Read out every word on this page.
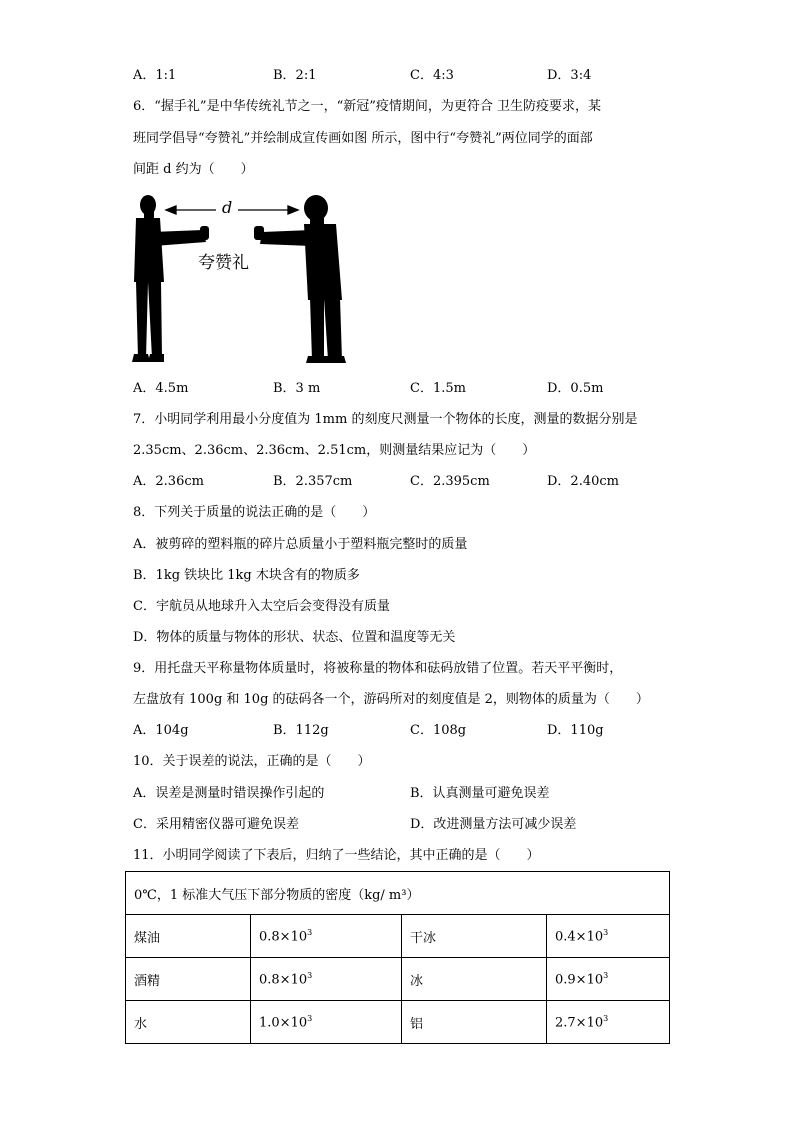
A．1:1	B．2:1	C．4:3	D．3:4
6．“握手礼”是中华传统礼节之一，“新冠”疫情期间，为更符合 卫生防疫要求，某
班同学倡导“夸赞礼”并绘制成宣传画如图 所示，图中行“夸赞礼”两位同学的面部
间距 d 约为（　　）
d
夸赞礼
A．4.5m	B．3 m	C．1.5m	D．0.5m
7．小明同学利用最小分度值为 1mm 的刻度尺测量一个物体的长度，测量的数据分别是
2.35cm、2.36cm、2.36cm、2.51cm，则测量结果应记为（　　）
A．2.36cm	B．2.357cm	C．2.395cm	D．2.40cm
8．下列关于质量的说法正确的是（　　）
A．被剪碎的塑料瓶的碎片总质量小于塑料瓶完整时的质量
B．1kg 铁块比 1kg 木块含有的物质多
C．宇航员从地球升入太空后会变得没有质量
D．物体的质量与物体的形状、状态、位置和温度等无关
9．用托盘天平称量物体质量时，将被称量的物体和砝码放错了位置。若天平平衡时，
左盘放有 100g 和 10g 的砝码各一个，游码所对的刻度值是 2，则物体的质量为（　　）
A．104g	B．112g	C．108g	D．110g
10．关于误差的说法，正确的是（　　）
A．误差是测量时错误操作引起的	B．认真测量可避免误差
C．采用精密仪器可避免误差	D．改进测量方法可减少误差
11．小明同学阅读了下表后，归纳了一些结论，其中正确的是（　　）
0℃，1 标准大气压下部分物质的密度（kg/ m³）			
煤油	$0.8\times 10^3$	干冰	$0.4\times 10^3$
酒精	$0.8\times 10^3$	冰	$0.9\times 10^3$
水	$1.0\times 10^3$	铝	$2.7\times 10^3$
